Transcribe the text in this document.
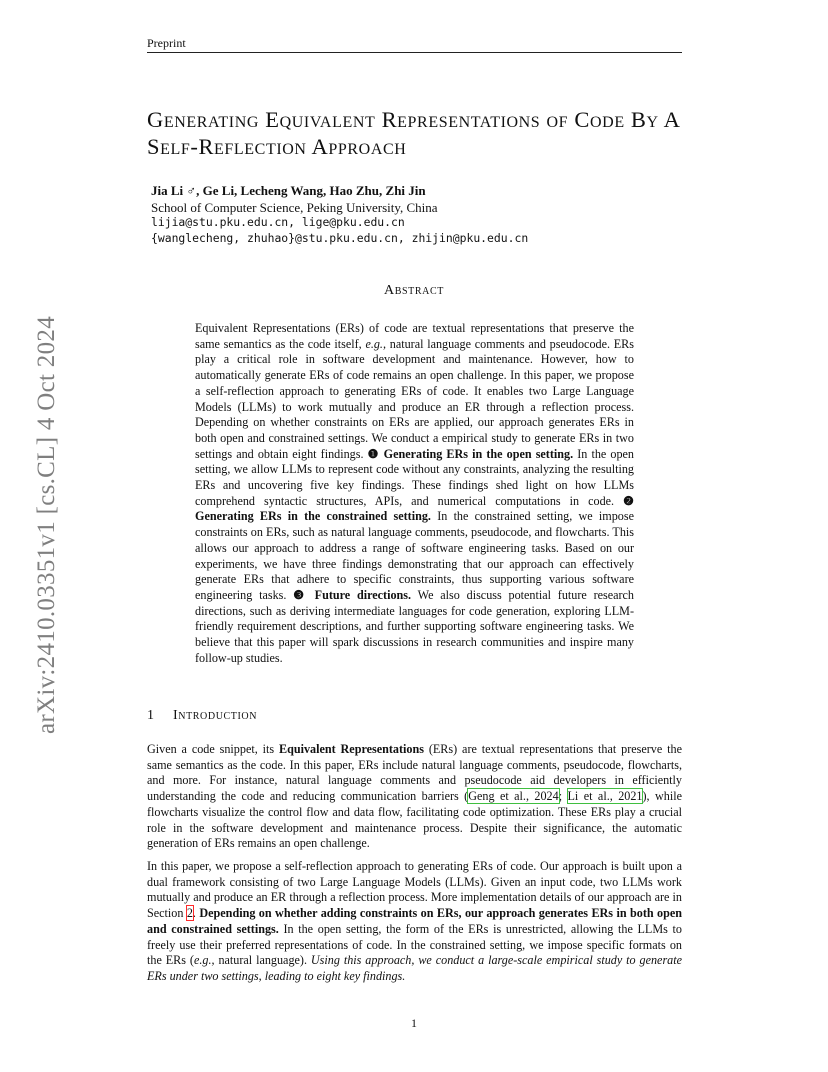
Preprint
arXiv:2410.03351v1 [cs.CL] 4 Oct 2024
Generating Equivalent Representations of Code By A Self-Reflection Approach
Jia Li ♂, Ge Li, Lecheng Wang, Hao Zhu, Zhi Jin
School of Computer Science, Peking University, China
lijia@stu.pku.edu.cn, lige@pku.edu.cn
{wanglecheng, zhuhao}@stu.pku.edu.cn, zhijin@pku.edu.cn
Abstract
Equivalent Representations (ERs) of code are textual representations that preserve the same semantics as the code itself, e.g., natural language comments and pseudocode. ERs play a critical role in software development and maintenance. However, how to automatically generate ERs of code remains an open challenge. In this paper, we propose a self-reflection approach to generating ERs of code. It enables two Large Language Models (LLMs) to work mutually and produce an ER through a reflection process. Depending on whether constraints on ERs are applied, our approach generates ERs in both open and constrained settings. We conduct a empirical study to generate ERs in two settings and obtain eight findings. ❶ Generating ERs in the open setting. In the open setting, we allow LLMs to represent code without any constraints, analyzing the resulting ERs and uncovering five key findings. These findings shed light on how LLMs comprehend syntactic structures, APIs, and numerical computations in code. ❷ Generating ERs in the constrained setting. In the constrained setting, we impose constraints on ERs, such as natural language comments, pseudocode, and flowcharts. This allows our approach to address a range of software engineering tasks. Based on our experiments, we have three findings demonstrating that our approach can effectively generate ERs that adhere to specific constraints, thus supporting various software engineering tasks. ❸ Future directions. We also discuss potential future research directions, such as deriving intermediate languages for code generation, exploring LLM-friendly requirement descriptions, and further supporting software engineering tasks. We believe that this paper will spark discussions in research communities and inspire many follow-up studies.
1 Introduction
Given a code snippet, its Equivalent Representations (ERs) are textual representations that preserve the same semantics as the code. In this paper, ERs include natural language comments, pseudocode, flowcharts, and more. For instance, natural language comments and pseudocode aid developers in efficiently understanding the code and reducing communication barriers (Geng et al., 2024; Li et al., 2021), while flowcharts visualize the control flow and data flow, facilitating code optimization. These ERs play a crucial role in the software development and maintenance process. Despite their significance, the automatic generation of ERs remains an open challenge.
In this paper, we propose a self-reflection approach to generating ERs of code. Our approach is built upon a dual framework consisting of two Large Language Models (LLMs). Given an input code, two LLMs work mutually and produce an ER through a reflection process. More implementation details of our approach are in Section 2. Depending on whether adding constraints on ERs, our approach generates ERs in both open and constrained settings. In the open setting, the form of the ERs is unrestricted, allowing the LLMs to freely use their preferred representations of code. In the constrained setting, we impose specific formats on the ERs (e.g., natural language). Using this approach, we conduct a large-scale empirical study to generate ERs under two settings, leading to eight key findings.
1
